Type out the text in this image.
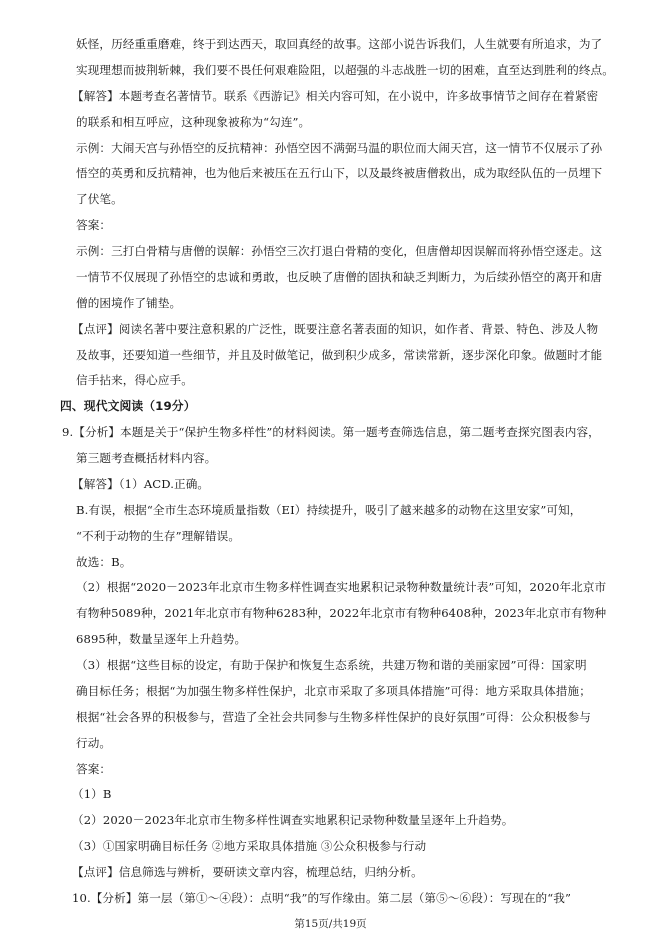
妖怪，历经重重磨难，终于到达西天，取回真经的故事。这部小说告诉我们，人生就要有所追求，为了
实现理想而披荆斩棘，我们要不畏任何艰难险阻，以超强的斗志战胜一切的困难，直至达到胜利的终点。
【解答】本题考查名著情节。联系《西游记》相关内容可知，在小说中，许多故事情节之间存在着紧密
的联系和相互呼应，这种现象被称为“勾连”。
示例：大闹天宫与孙悟空的反抗精神：孙悟空因不满弼马温的职位而大闹天宫，这一情节不仅展示了孙
悟空的英勇和反抗精神，也为他后来被压在五行山下，以及最终被唐僧救出，成为取经队伍的一员埋下
了伏笔。
答案：
示例：三打白骨精与唐僧的误解：孙悟空三次打退白骨精的变化，但唐僧却因误解而将孙悟空逐走。这
一情节不仅展现了孙悟空的忠诚和勇敢，也反映了唐僧的固执和缺乏判断力，为后续孙悟空的离开和唐
僧的困境作了铺垫。
【点评】阅读名著中要注意积累的广泛性，既要注意名著表面的知识，如作者、背景、特色、涉及人物
及故事，还要知道一些细节，并且及时做笔记，做到积少成多，常读常新，逐步深化印象。做题时才能
信手拈来，得心应手。
四、现代文阅读（19分）
9.【分析】本题是关于“保护生物多样性”的材料阅读。第一题考查筛选信息，第二题考查探究图表内容，
第三题考查概括材料内容。
【解答】（1）ACD.正确。
B.有误，根据“全市生态环境质量指数（EI）持续提升，吸引了越来越多的动物在这里安家”可知，
“不利于动物的生存”理解错误。
故选：B。
（2）根据“2020－2023年北京市生物多样性调查实地累积记录物种数量统计表”可知，2020年北京市
有物种5089种，2021年北京市有物种6283种，2022年北京市有物种6408种，2023年北京市有物种
6895种，数量呈逐年上升趋势。
（3）根据“这些目标的设定，有助于保护和恢复生态系统，共建万物和谐的美丽家园”可得：国家明
确目标任务；根据“为加强生物多样性保护，北京市采取了多项具体措施”可得：地方采取具体措施；
根据“社会各界的积极参与，营造了全社会共同参与生物多样性保护的良好氛围”可得：公众积极参与
行动。
答案：
（1）B
（2）2020－2023年北京市生物多样性调查实地累积记录物种数量呈逐年上升趋势。
（3）①国家明确目标任务 ②地方采取具体措施 ③公众积极参与行动
【点评】信息筛选与辨析，要研读文章内容，梳理总结，归纳分析。
10.【分析】第一层（第①～④段）：点明“我”的写作缘由。第二层（第⑤～⑥段）：写现在的“我”
第15页/共19页
